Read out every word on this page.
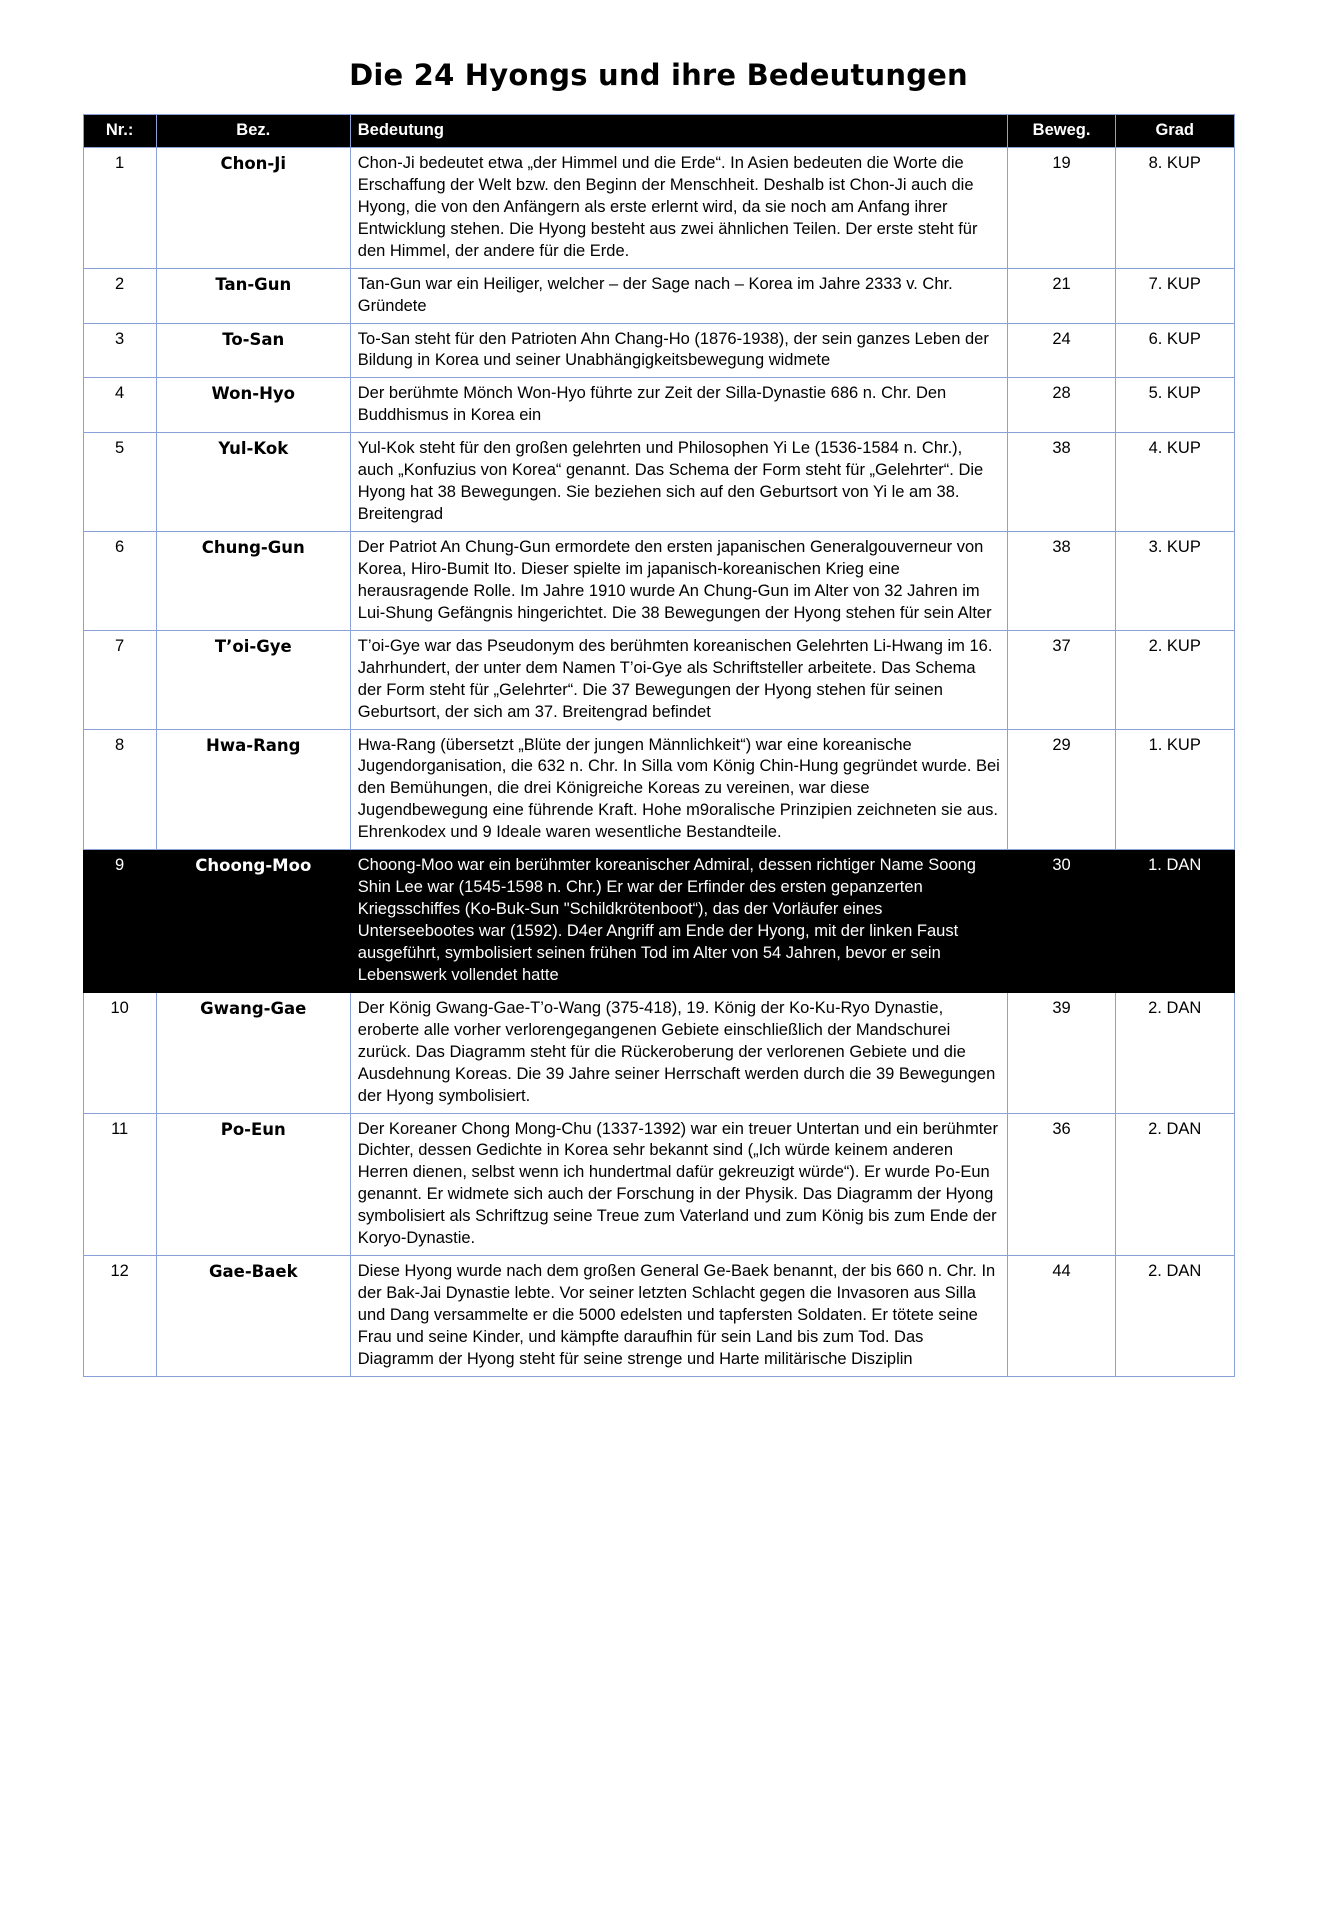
Die 24 Hyongs und ihre Bedeutungen
Nr.:	Bez.	Bedeutung	Beweg.	Grad
1	Chon-Ji	Chon-Ji bedeutet etwa „der Himmel und die Erde“. In Asien bedeuten die Worte die Erschaffung der Welt bzw. den Beginn der Menschheit. Deshalb ist Chon-Ji auch die Hyong, die von den Anfängern als erste erlernt wird, da sie noch am Anfang ihrer Entwicklung stehen. Die Hyong besteht aus zwei ähnlichen Teilen. Der erste steht für den Himmel, der andere für die Erde.	19	8. KUP
2	Tan-Gun	Tan-Gun war ein Heiliger, welcher – der Sage nach – Korea im Jahre 2333 v. Chr. Gründete	21	7. KUP
3	To-San	To-San steht für den Patrioten Ahn Chang-Ho (1876-1938), der sein ganzes Leben der Bildung in Korea und seiner Unabhängigkeitsbewegung widmete	24	6. KUP
4	Won-Hyo	Der berühmte Mönch Won-Hyo führte zur Zeit der Silla-Dynastie 686 n. Chr. Den Buddhismus in Korea ein	28	5. KUP
5	Yul-Kok	Yul-Kok steht für den großen gelehrten und Philosophen Yi Le (1536-1584 n. Chr.), auch „Konfuzius von Korea“ genannt. Das Schema der Form steht für „Gelehrter“. Die Hyong hat 38 Bewegungen. Sie beziehen sich auf den Geburtsort von Yi le am 38. Breitengrad	38	4. KUP
6	Chung-Gun	Der Patriot An Chung-Gun ermordete den ersten japanischen Generalgouverneur von Korea, Hiro-Bumit Ito. Dieser spielte im japanisch-koreanischen Krieg eine herausragende Rolle. Im Jahre 1910 wurde An Chung-Gun im Alter von 32 Jahren im Lui-Shung Gefängnis hingerichtet. Die 38 Bewegungen der Hyong stehen für sein Alter	38	3. KUP
7	T’oi-Gye	T’oi-Gye war das Pseudonym des berühmten koreanischen Gelehrten Li-Hwang im 16. Jahrhundert, der unter dem Namen T’oi-Gye als Schriftsteller arbeitete. Das Schema der Form steht für „Gelehrter“. Die 37 Bewegungen der Hyong stehen für seinen Geburtsort, der sich am 37. Breitengrad befindet	37	2. KUP
8	Hwa-Rang	Hwa-Rang (übersetzt „Blüte der jungen Männlichkeit“) war eine koreanische Jugendorganisation, die 632 n. Chr. In Silla vom König Chin-Hung gegründet wurde. Bei den Bemühungen, die drei Königreiche Koreas zu vereinen, war diese Jugendbewegung eine führende Kraft. Hohe m9oralische Prinzipien zeichneten sie aus. Ehrenkodex und 9 Ideale waren wesentliche Bestandteile.	29	1. KUP
9	Choong-Moo	Choong-Moo war ein berühmter koreanischer Admiral, dessen richtiger Name Soong Shin Lee war (1545-1598 n. Chr.) Er war der Erfinder des ersten gepanzerten Kriegsschiffes (Ko-Buk-Sun "Schildkrötenboot“), das der Vorläufer eines Unterseebootes war (1592). D4er Angriff am Ende der Hyong, mit der linken Faust ausgeführt, symbolisiert seinen frühen Tod im Alter von 54 Jahren, bevor er sein Lebenswerk vollendet hatte	30	1. DAN
10	Gwang-Gae	Der König Gwang-Gae-T’o-Wang (375-418), 19. König der Ko-Ku-Ryo Dynastie, eroberte alle vorher verlorengegangenen Gebiete einschließlich der Mandschurei zurück. Das Diagramm steht für die Rückeroberung der verlorenen Gebiete und die Ausdehnung Koreas. Die 39 Jahre seiner Herrschaft werden durch die 39 Bewegungen der Hyong symbolisiert.	39	2. DAN
11	Po-Eun	Der Koreaner Chong Mong-Chu (1337-1392) war ein treuer Untertan und ein berühmter Dichter, dessen Gedichte in Korea sehr bekannt sind („Ich würde keinem anderen Herren dienen, selbst wenn ich hundertmal dafür gekreuzigt würde“). Er wurde Po-Eun genannt. Er widmete sich auch der Forschung in der Physik. Das Diagramm der Hyong symbolisiert als Schriftzug seine Treue zum Vaterland und zum König bis zum Ende der Koryo-Dynastie.	36	2. DAN
12	Gae-Baek	Diese Hyong wurde nach dem großen General Ge-Baek benannt, der bis 660 n. Chr. In der Bak-Jai Dynastie lebte. Vor seiner letzten Schlacht gegen die Invasoren aus Silla und Dang versammelte er die 5000 edelsten und tapfersten Soldaten. Er tötete seine Frau und seine Kinder, und kämpfte daraufhin für sein Land bis zum Tod. Das Diagramm der Hyong steht für seine strenge und Harte militärische Disziplin	44	2. DAN
